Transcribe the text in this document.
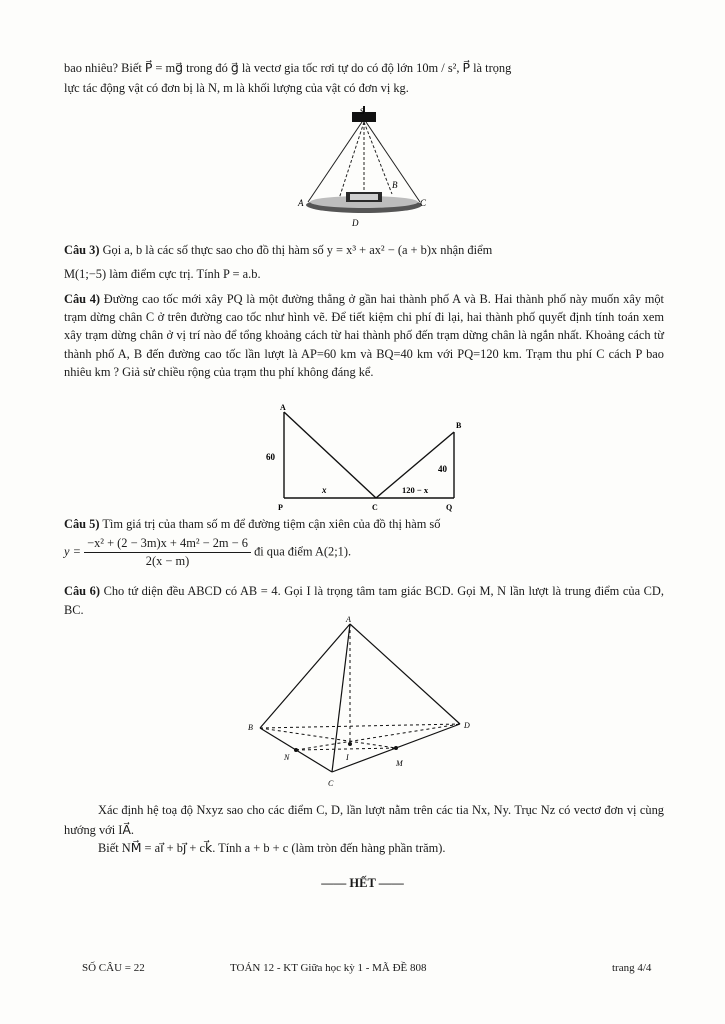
bao nhiêu? Biết P⃗ = mg⃗ trong đó g⃗ là vectơ gia tốc rơi tự do có độ lớn 10m / s², P⃗ là trọng

lực tác động vật có đơn bị là N, m là khối lượng của vật có đơn vị kg.

S
A	C
B
D

Câu 3) Gọi a, b là các số thực sao cho đồ thị hàm số y = x³ + ax² − (a + b)x nhận điểm

M(1;−5) làm điểm cực trị. Tính P = a.b.

Câu 4) Đường cao tốc mới xây PQ là một đường thẳng ở gần hai thành phố A và B. Hai thành phố này muốn xây một trạm dừng chân C ở trên đường cao tốc như hình vẽ. Để tiết kiệm chi phí đi lại, hai thành phố quyết định tính toán xem xây trạm dừng chân ở vị trí nào để tổng khoảng cách từ hai thành phố đến trạm dừng chân là ngắn nhất. Khoảng cách từ thành phố A, B đến đường cao tốc lần lượt là AP=60 km và BQ=40 km với PQ=120 km. Trạm thu phí C cách P bao nhiêu km ? Giả sử chiều rộng của trạm thu phí không đáng kể.

A
B
P	Q
C
60
40
x	120 − x

Câu 5) Tìm giá trị của tham số m để đường tiệm cận xiên của đồ thị hàm số

$y = \frac{\text{−x² + (2 − 3m)x + 4m² − 2m − 6}}{2(x - m)}$ đi qua điểm A(2;1).

Câu 6) Cho tứ diện đều ABCD có AB = 4. Gọi I là trọng tâm tam giác BCD. Gọi M, N lần lượt là trung điểm của CD, BC.

A
B
C
D
I
N
M

Xác định hệ toạ độ Nxyz sao cho các điểm C, D, lần lượt nằm trên các tia Nx, Ny. Trục Nz có vectơ đơn vị cùng hướng với IA⃗.

Biết NM⃗ = ai⃗ + bj⃗ + ck⃗. Tính a + b + c (làm tròn đến hàng phần trăm).

—— HẾT ——
SỐ CÂU = 22	TOÁN 12 - KT Giữa học kỳ 1 - MÃ ĐỀ 808	trang 4/4
